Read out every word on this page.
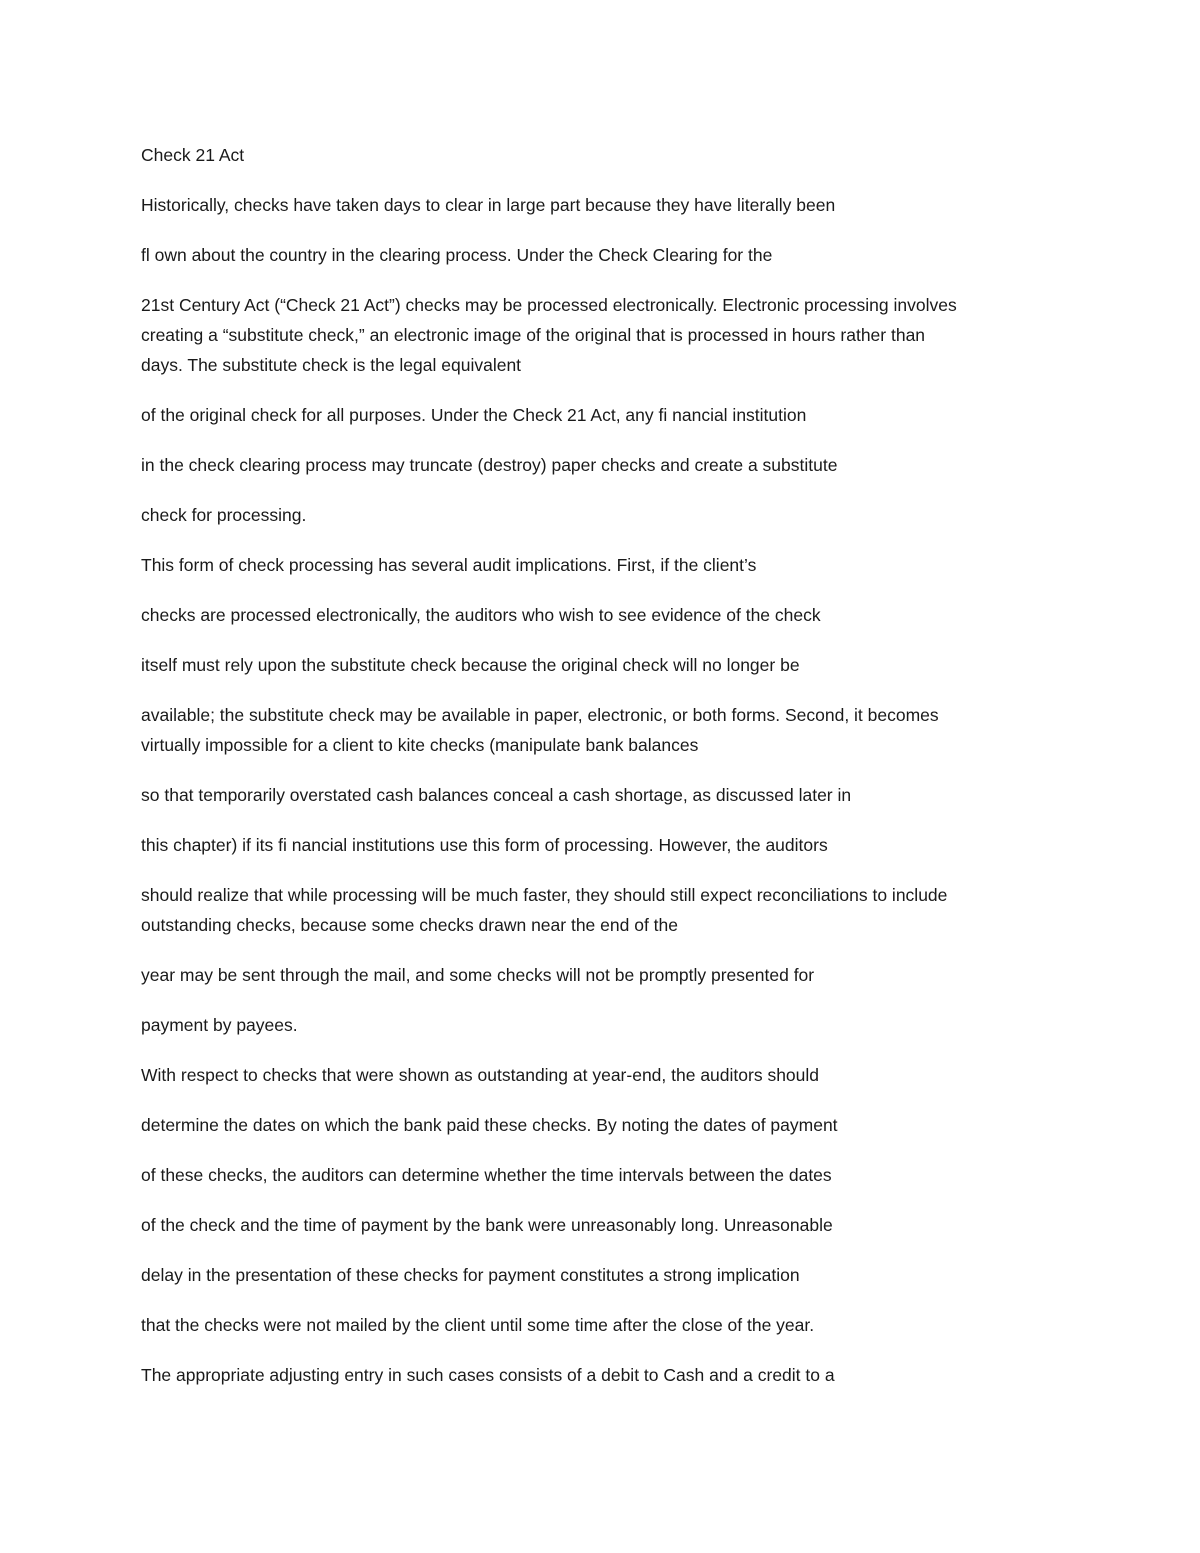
Check 21 Act

Historically, checks have taken days to clear in large part because they have literally been

fl own about the country in the clearing process. Under the Check Clearing for the

21st Century Act (“Check 21 Act”) checks may be processed electronically. Electronic processing involves
creating a “substitute check,” an electronic image of the original that is processed in hours rather than
days. The substitute check is the legal equivalent

of the original check for all purposes. Under the Check 21 Act, any fi nancial institution

in the check clearing process may truncate (destroy) paper checks and create a substitute

check for processing.

This form of check processing has several audit implications. First, if the client’s

checks are processed electronically, the auditors who wish to see evidence of the check

itself must rely upon the substitute check because the original check will no longer be

available; the substitute check may be available in paper, electronic, or both forms. Second, it becomes
virtually impossible for a client to kite checks (manipulate bank balances

so that temporarily overstated cash balances conceal a cash shortage, as discussed later in

this chapter) if its fi nancial institutions use this form of processing. However, the auditors

should realize that while processing will be much faster, they should still expect reconciliations to include
outstanding checks, because some checks drawn near the end of the

year may be sent through the mail, and some checks will not be promptly presented for

payment by payees.

With respect to checks that were shown as outstanding at year-end, the auditors should

determine the dates on which the bank paid these checks. By noting the dates of payment

of these checks, the auditors can determine whether the time intervals between the dates

of the check and the time of payment by the bank were unreasonably long. Unreasonable

delay in the presentation of these checks for payment constitutes a strong implication

that the checks were not mailed by the client until some time after the close of the year.

The appropriate adjusting entry in such cases consists of a debit to Cash and a credit to a
